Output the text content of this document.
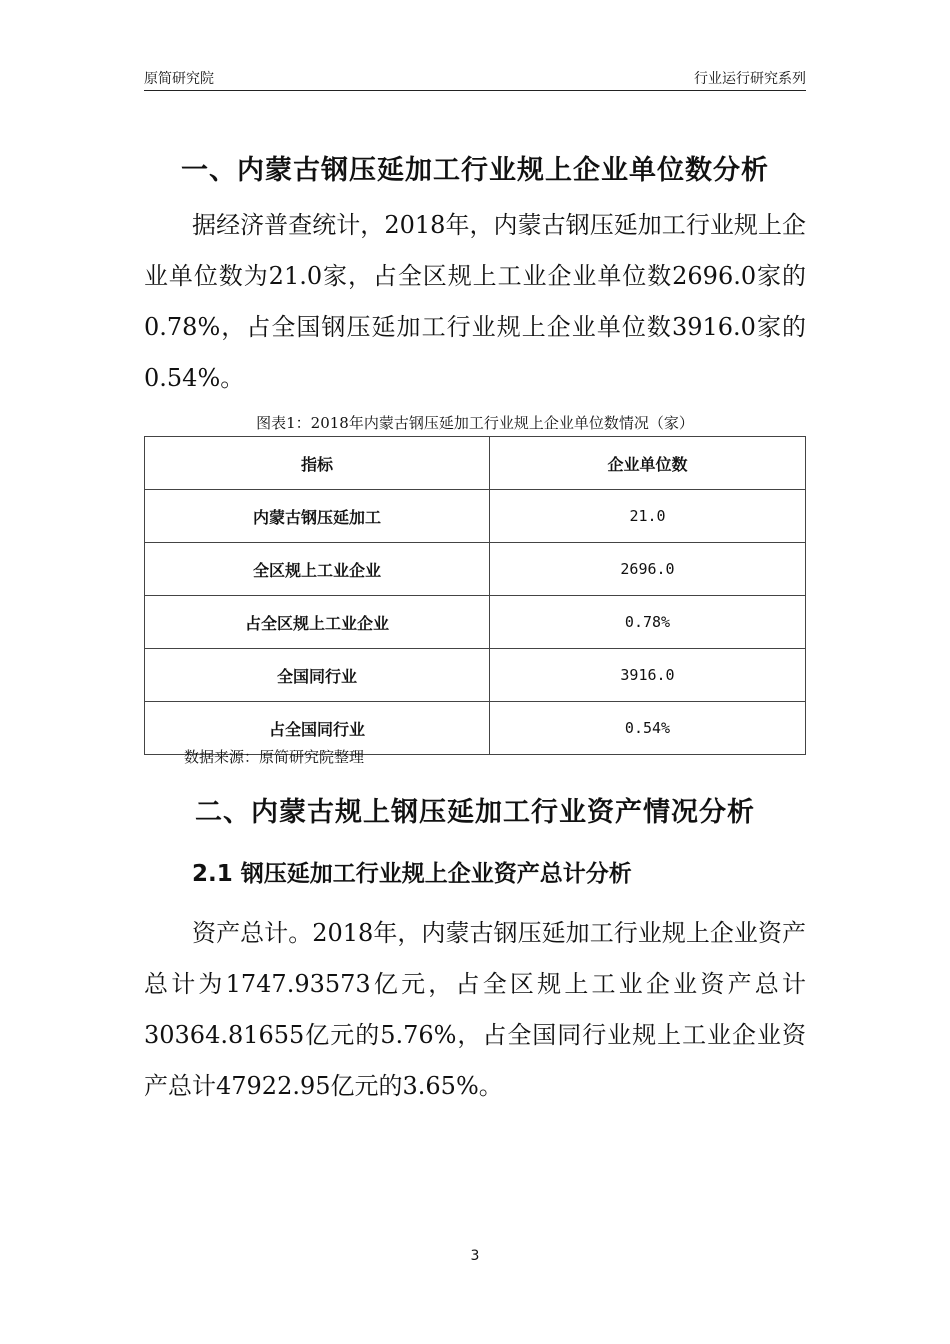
原简研究院	行业运行研究系列
一、内蒙古钢压延加工行业规上企业单位数分析
据经济普查统计，2018年，内蒙古钢压延加工行业规上企业单位数为21.0家，占全区规上工业企业单位数2696.0家的0.78%，占全国钢压延加工行业规上企业单位数3916.0家的0.54%。
图表1：2018年内蒙古钢压延加工行业规上企业单位数情况（家）
指标	企业单位数
内蒙古钢压延加工	21.0
全区规上工业企业	2696.0
占全区规上工业企业	0.78%
全国同行业	3916.0
占全国同行业	0.54%
数据来源：原简研究院整理
二、内蒙古规上钢压延加工行业资产情况分析
2.1 钢压延加工行业规上企业资产总计分析
资产总计。2018年，内蒙古钢压延加工行业规上企业资产总计为1747.93573亿元，占全区规上工业企业资产总计30364.81655亿元的5.76%，占全国同行业规上工业企业资产总计47922.95亿元的3.65%。
3
